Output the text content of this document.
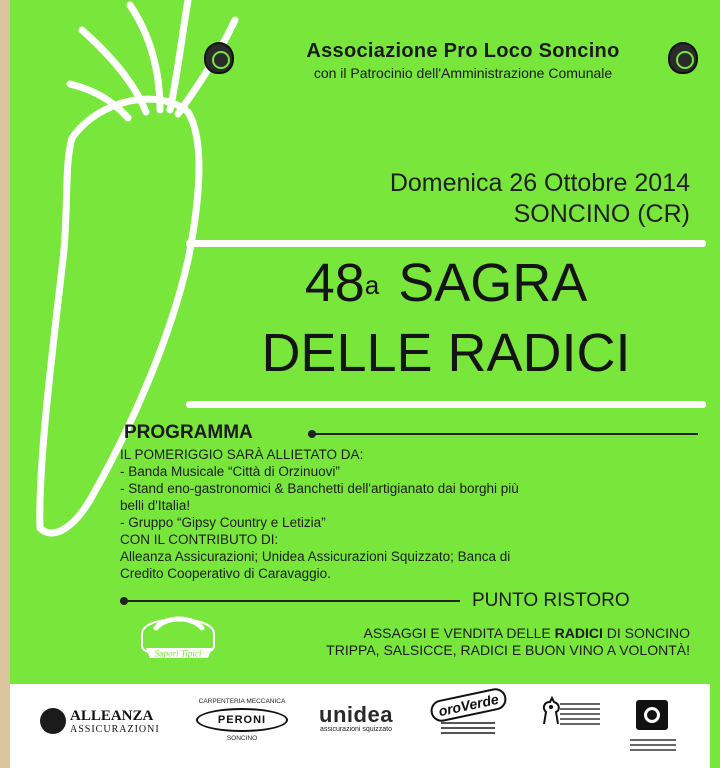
Associazione Pro Loco Soncino
con il Patrocinio dell'Amministrazione Comunale
Domenica 26 Ottobre 2014
SONCINO (CR)
48$^a$ SAGRA
DELLE RADICI
PROGRAMMA
IL POMERIGGIO SARÀ ALLIETATO DA:
- Banda Musicale “Città di Orzinuovi”
- Stand eno-gastronomici & Banchetti dell'artigianato dai borghi più
belli d'Italia!
- Gruppo “Gipsy Country e Letizia”
CON IL CONTRIBUTO DI:
Alleanza Assicurazioni; Unidea Assicurazioni Squizzato; Banca di
Credito Cooperativo di Caravaggio.
PUNTO RISTORO
Sapori Tipici
ASSAGGI E VENDITA DELLE RADICI DI SONCINO
TRIPPA, SALSICCE, RADICI E BUON VINO A VOLONTÀ!
ALLEANZA
ASSICURAZIONI
CARPENTERIA MECCANICA
PERONI
SONCINO
unidea
assicurazioni squizzato
oroVerde
